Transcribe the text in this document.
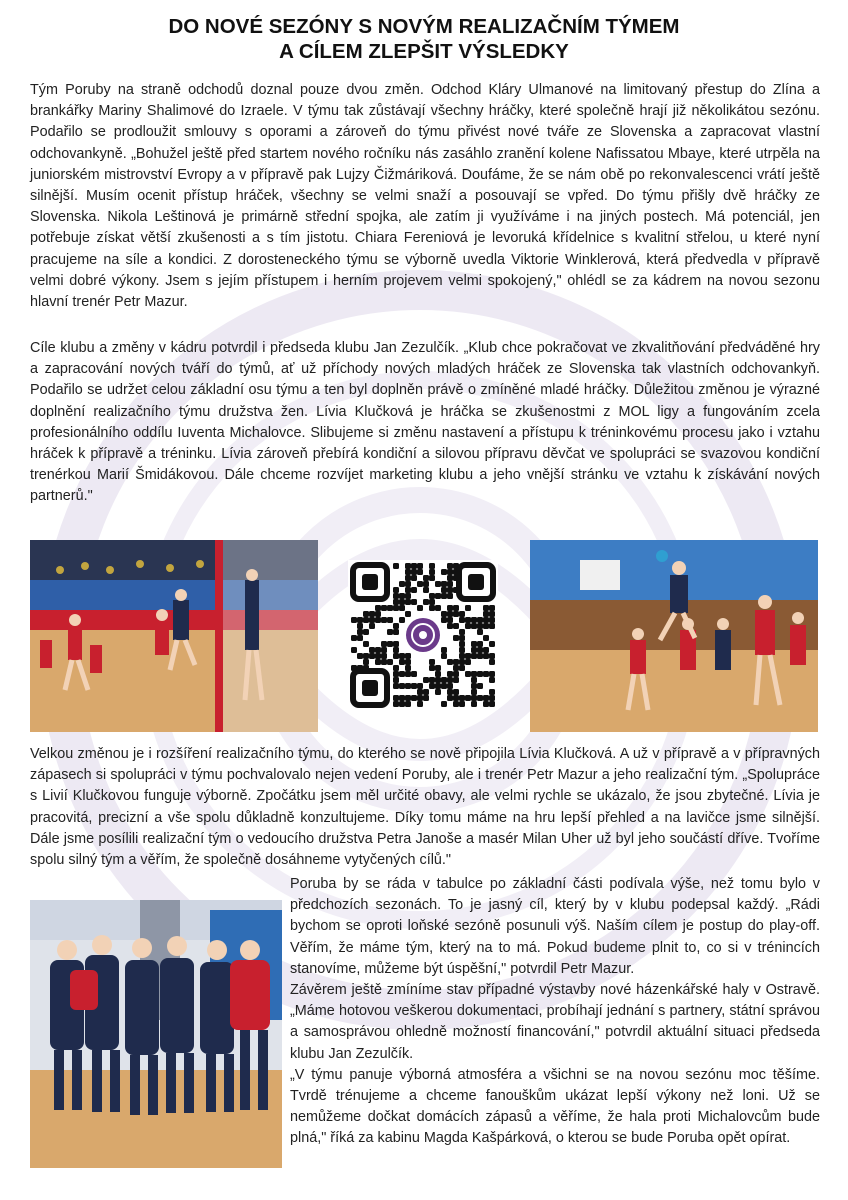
DO NOVÉ SEZÓNY S NOVÝM REALIZAČNÍM TÝMEM
A CÍLEM ZLEPŠIT VÝSLEDKY

Tým Poruby na straně odchodů doznal pouze dvou změn. Odchod Kláry Ulmanové na limitovaný přestup do Zlína a brankářky Mariny Shalimové do Izraele. V týmu tak zůstávají všechny hráčky, které společně hrají již několikátou sezónu. Podařilo se prodloužit smlouvy s oporami a zároveň do týmu přivést nové tváře ze Slovenska a zapracovat vlastní odchovankyně. „Bohužel ještě před startem nového ročníku nás zasáhlo zranění kolene Nafissatou Mbaye, které utrpěla na juniorském mistrovství Evropy a v přípravě pak Lujzy Čižmáriková. Doufáme, že se nám obě po rekonvalescenci vrátí ještě silnější. Musím ocenit přístup hráček, všechny se velmi snaží a posouvají se vpřed. Do týmu přišly dvě hráčky ze Slovenska. Nikola Leštinová je primárně střední spojka, ale zatím ji využíváme i na jiných postech. Má potenciál, jen potřebuje získat větší zkušenosti a s tím jistotu. Chiara Fereniová je levoruká křídelnice s kvalitní střelou, u které nyní pracujeme na síle a kondici. Z dorosteneckého týmu se výborně uvedla Viktorie Winklerová, která předvedla v přípravě velmi dobré výkony. Jsem s jejím přístupem i herním projevem velmi spokojený," ohlédl se za kádrem na novou sezonu hlavní trenér Petr Mazur.

Cíle klubu a změny v kádru potvrdil i předseda klubu Jan Zezulčík. „Klub chce pokračovat ve zkvalitňování předváděné hry a zapracování nových tváří do týmů, ať už příchody nových mladých hráček ze Slovenska tak vlastních odchovankyň. Podařilo se udržet celou základní osu týmu a ten byl doplněn právě o zmíněné mladé hráčky. Důležitou změnou je výrazné doplnění realizačního týmu družstva žen. Lívia Klučková je hráčka se zkušenostmi z MOL ligy a fungováním zcela profesionálního oddílu Iuventa Michalovce. Slibujeme si změnu nastavení a přístupu k tréninkovému procesu jako i vztahu hráček k přípravě a tréninku. Lívia zároveň přebírá kondiční a silovou přípravu děvčat ve spolupráci se svazovou kondiční trenérkou Marií Šmidákovou. Dále chceme rozvíjet marketing klubu a jeho vnější stránku ve vztahu k získávání nových partnerů."

Velkou změnou je i rozšíření realizačního týmu, do kterého se nově připojila Lívia Klučková. A už v přípravě a v přípravných zápasech si spolupráci v týmu pochvalovalo nejen vedení Poruby, ale i trenér Petr Mazur a jeho realizační tým. „Spolupráce s Livií Klučkovou funguje výborně. Zpočátku jsem měl určité obavy, ale velmi rychle se ukázalo, že jsou zbytečné. Lívia je pracovitá, precizní a vše spolu důkladně konzultujeme. Díky tomu máme na hru lepší přehled a na lavičce jsme silnější. Dále jsme posílili realizační tým o vedoucího družstva Petra Janoše a masér Milan Uher už byl jeho součástí dříve. Tvoříme spolu silný tým a věřím, že společně dosáhneme vytyčených cílů."

Poruba by se ráda v tabulce po základní části podívala výše, než tomu bylo v předchozích sezonách. To je jasný cíl, který by v klubu podepsal každý. „Rádi bychom se oproti loňské sezóně posunuli výš. Naším cílem je postup do play-off. Věřím, že máme tým, který na to má. Pokud budeme plnit to, co si v trénincích stanovíme, můžeme být úspěšní," potvrdil Petr Mazur.

Závěrem ještě zmíníme stav případné výstavby nové házenkářské haly v Ostravě. „Máme hotovou veškerou dokumentaci, probíhají jednání s partnery, státní správou a samosprávou ohledně možností financování," potvrdil aktuální situaci předseda klubu Jan Zezulčík.

„V týmu panuje výborná atmosféra a všichni se na novou sezónu moc těšíme. Tvrdě trénujeme a chceme fanouškům ukázat lepší výkony než loni. Už se nemůžeme dočkat domácích zápasů a věříme, že hala proti Michalovcům bude plná," říká za kabinu Magda Kašpárková, o kterou se bude Poruba opět opírat.
